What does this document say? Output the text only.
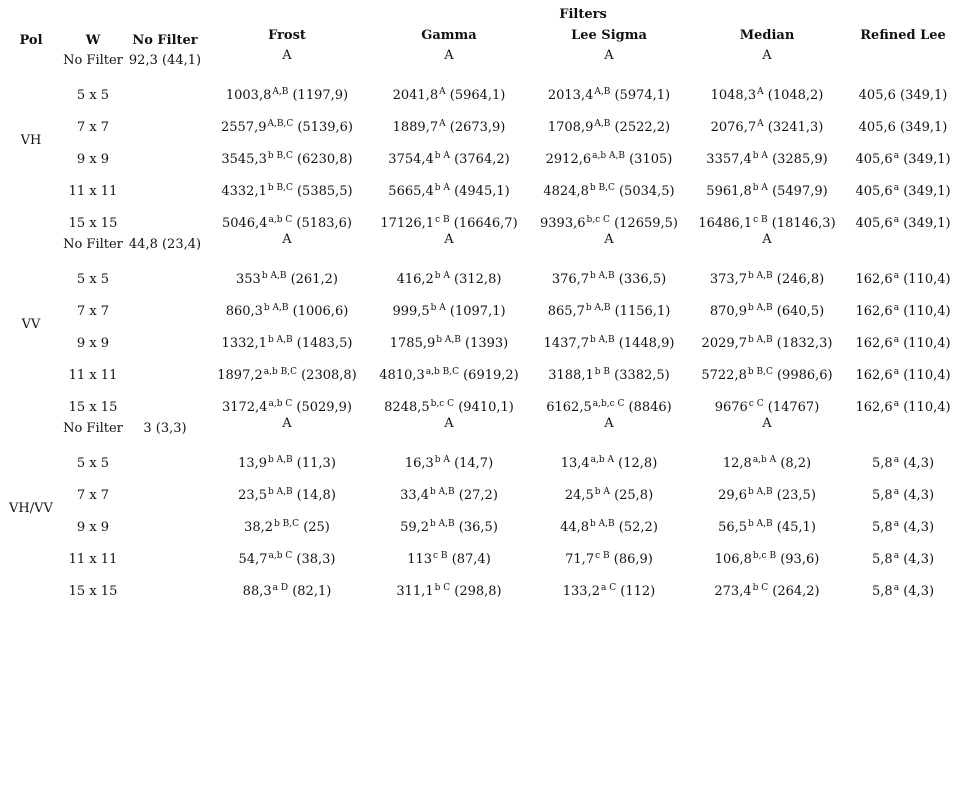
Pol	W	No Filter	Filters				
			Frost	Gamma	Lee Sigma	Median	Refined Lee
VH	No Filter	92,3 (44,1)	A	A	A	A	
	5 x 5		$1003,8^{A,B}$ (1197,9)	$2041,8^A$ (5964,1)	$2013,4^{A,B}$ (5974,1)	$1048,3^A$ (1048,2)	405,6 (349,1)
	7 x 7		$2557,9^{A,B,C}$ (5139,6)	$1889,7^A$ (2673,9)	$1708,9^{A,B}$ (2522,2)	$2076,7^A$ (3241,3)	405,6 (349,1)
	9 x 9		$3545,3^{b B,C}$ (6230,8)	$3754,4^{b A}$ (3764,2)	$2912,6^{a,b A,B}$ (3105)	$3357,4^{b A}$ (3285,9)	405,6$^a$ (349,1)
	11 x 11		$4332,1^{b B,C}$ (5385,5)	$5665,4^{b A}$ (4945,1)	$4824,8^{b B,C}$ (5034,5)	$5961,8^{b A}$ (5497,9)	405,6$^a$ (349,1)
	15 x 15		$5046,4^{a,b C}$ (5183,6)	$17126,1^{c B}$ (16646,7)	$9393,6^{b,c C}$ (12659,5)	$16486,1^{c B}$ (18146,3)	405,6$^a$ (349,1)
VV	No Filter	44,8 (23,4)	A	A	A	A	
	5 x 5		$353^{b A,B}$ (261,2)	$416,2^{b A}$ (312,8)	$376,7^{b A,B}$ (336,5)	$373,7^{b A,B}$ (246,8)	162,6$^a$ (110,4)
	7 x 7		$860,3^{b A,B}$ (1006,6)	$999,5^{b A}$ (1097,1)	$865,7^{b A,B}$ (1156,1)	$870,9^{b A,B}$ (640,5)	162,6$^a$ (110,4)
	9 x 9		$1332,1^{b A,B}$ (1483,5)	$1785,9^{b A,B}$ (1393)	$1437,7^{b A,B}$ (1448,9)	$2029,7^{b A,B}$ (1832,3)	162,6$^a$ (110,4)
	11 x 11		$1897,2^{a,b B,C}$ (2308,8)	$4810,3^{a,b B,C}$ (6919,2)	$3188,1^{b B}$ (3382,5)	$5722,8^{b B,C}$ (9986,6)	162,6$^a$ (110,4)
	15 x 15		$3172,4^{a,b C}$ (5029,9)	$8248,5^{b,c C}$ (9410,1)	$6162,5^{a,b,c C}$ (8846)	$9676^{c C}$ (14767)	162,6$^a$ (110,4)
VH/VV	No Filter	3 (3,3)	A	A	A	A	
	5 x 5		$13,9^{b A,B}$ (11,3)	$16,3^{b A}$ (14,7)	$13,4^{a,b A}$ (12,8)	$12,8^{a,b A}$ (8,2)	5,8$^a$ (4,3)
	7 x 7		$23,5^{b A,B}$ (14,8)	$33,4^{b A,B}$ (27,2)	$24,5^{b A}$ (25,8)	$29,6^{b A,B}$ (23,5)	5,8$^a$ (4,3)
	9 x 9		$38,2^{b B,C}$ (25)	$59,2^{b A,B}$ (36,5)	$44,8^{b A,B}$ (52,2)	$56,5^{b A,B}$ (45,1)	5,8$^a$ (4,3)
	11 x 11		$54,7^{a,b C}$ (38,3)	$113^{c B}$ (87,4)	$71,7^{c B}$ (86,9)	$106,8^{b,c B}$ (93,6)	5,8$^a$ (4,3)
	15 x 15		$88,3^{a D}$ (82,1)	$311,1^{b C}$ (298,8)	$133,2^{a C}$ (112)	$273,4^{b C}$ (264,2)	5,8$^a$ (4,3)
